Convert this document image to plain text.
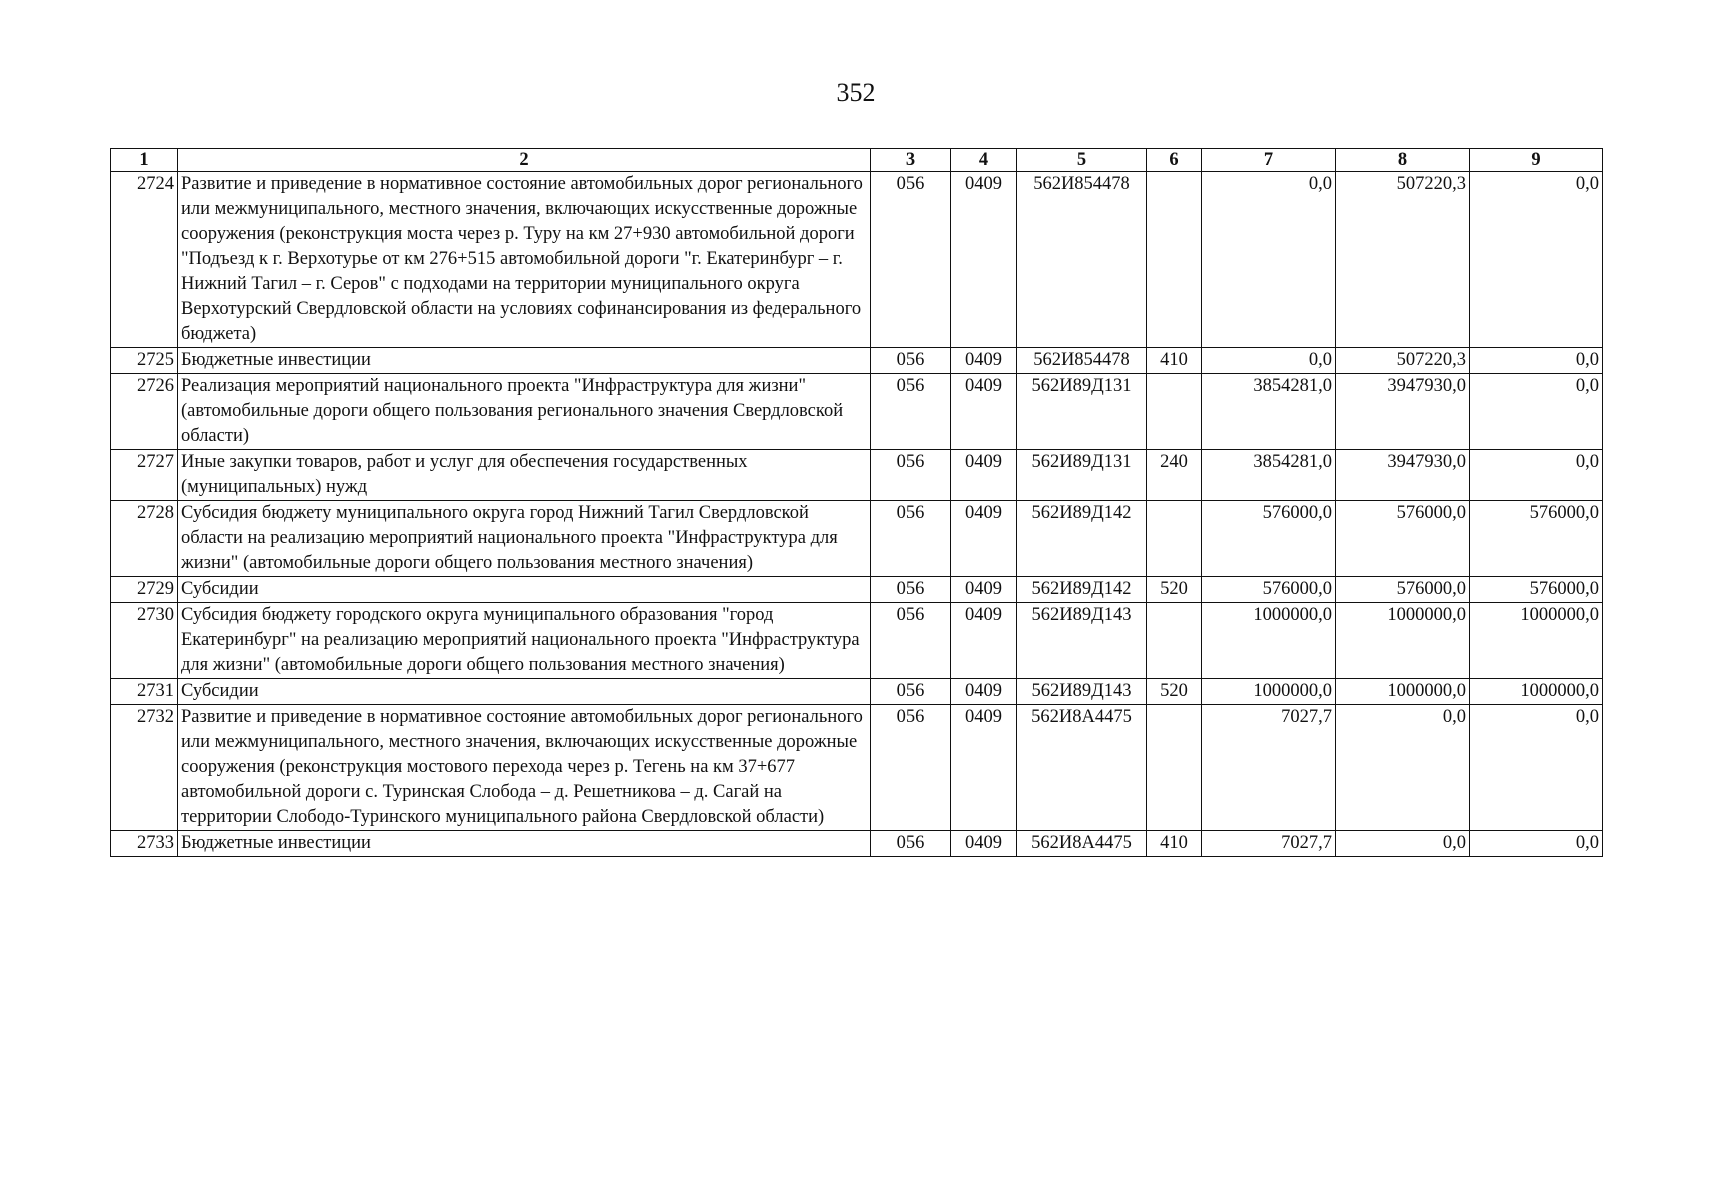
352
1	2	3	4	5	6	7	8	9
2724	Развитие и приведение в нормативное состояние автомобильных дорог регионального или межмуниципального, местного значения, включающих искусственные дорожные сооружения (реконструкция моста через р. Туру на км 27+930 автомобильной дороги "Подъезд к г. Верхотурье от км 276+515 автомобильной дороги "г. Екатеринбург – г. Нижний Тагил – г. Серов" с подходами на территории муниципального округа Верхотурский Свердловской области на условиях софинансирования из федерального бюджета)	056	0409	562И854478		0,0	507220,3	0,0
2725	Бюджетные инвестиции	056	0409	562И854478	410	0,0	507220,3	0,0
2726	Реализация мероприятий национального проекта "Инфраструктура для жизни" (автомобильные дороги общего пользования регионального значения Свердловской области)	056	0409	562И89Д131		3854281,0	3947930,0	0,0
2727	Иные закупки товаров, работ и услуг для обеспечения государственных (муниципальных) нужд	056	0409	562И89Д131	240	3854281,0	3947930,0	0,0
2728	Субсидия бюджету муниципального округа город Нижний Тагил Свердловской области на реализацию мероприятий национального проекта "Инфраструктура для жизни" (автомобильные дороги общего пользования местного значения)	056	0409	562И89Д142		576000,0	576000,0	576000,0
2729	Субсидии	056	0409	562И89Д142	520	576000,0	576000,0	576000,0
2730	Субсидия бюджету городского округа муниципального образования "город Екатеринбург" на реализацию мероприятий национального проекта "Инфраструктура для жизни" (автомобильные дороги общего пользования местного значения)	056	0409	562И89Д143		1000000,0	1000000,0	1000000,0
2731	Субсидии	056	0409	562И89Д143	520	1000000,0	1000000,0	1000000,0
2732	Развитие и приведение в нормативное состояние автомобильных дорог регионального или межмуниципального, местного значения, включающих искусственные дорожные сооружения (реконструкция мостового перехода через р. Тегень на км 37+677 автомобильной дороги с. Туринская Слобода – д. Решетникова – д. Сагай на территории Слободо-Туринского муниципального района Свердловской области)	056	0409	562И8А4475		7027,7	0,0	0,0
2733	Бюджетные инвестиции	056	0409	562И8А4475	410	7027,7	0,0	0,0
